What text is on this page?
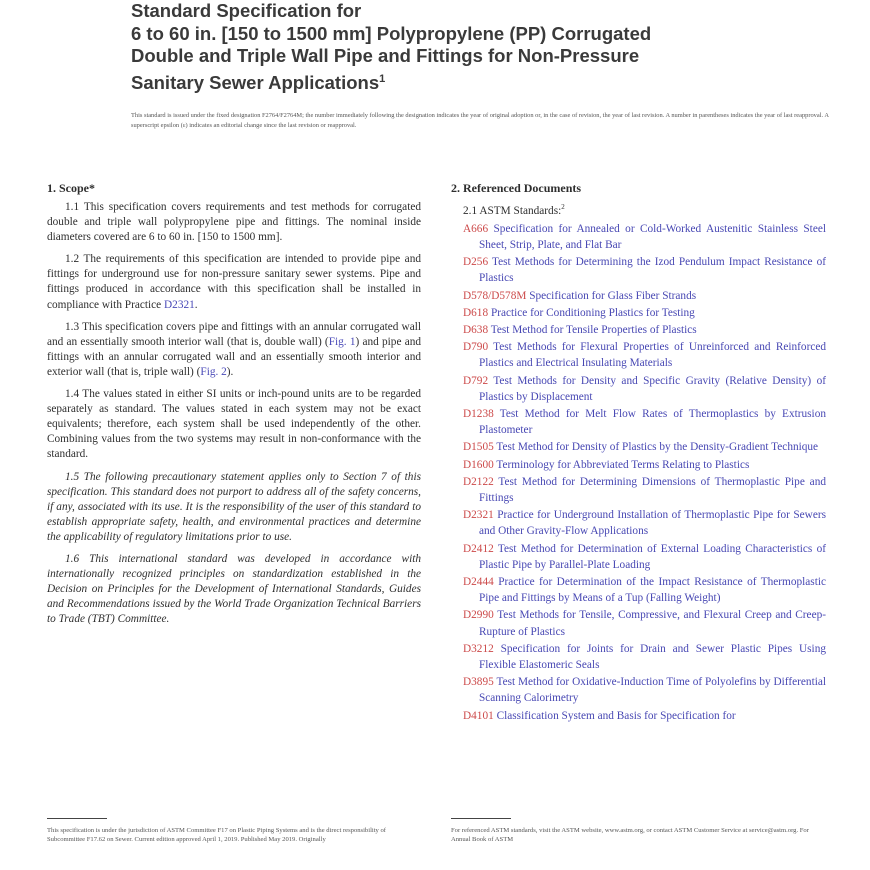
Standard Specification for
6 to 60 in. [150 to 1500 mm] Polypropylene (PP) Corrugated
Double and Triple Wall Pipe and Fittings for Non-Pressure
Sanitary Sewer Applications$^1$
This standard is issued under the fixed designation F2764/F2764M; the number immediately following the designation indicates the year of original adoption or, in the case of revision, the year of last revision. A number in parentheses indicates the year of last reapproval. A superscript epsilon (ε) indicates an editorial change since the last revision or reapproval.
1. Scope*

1.1 This specification covers requirements and test methods for corrugated double and triple wall polypropylene pipe and fittings. The nominal inside diameters covered are 6 to 60 in. [150 to 1500 mm].

1.2 The requirements of this specification are intended to provide pipe and fittings for underground use for non-pressure sanitary sewer systems. Pipe and fittings produced in accordance with this specification shall be installed in compliance with Practice D2321.

1.3 This specification covers pipe and fittings with an annular corrugated wall and an essentially smooth interior wall (that is, double wall) (Fig. 1) and pipe and fittings with an annular corrugated wall and an essentially smooth interior and exterior wall (that is, triple wall) (Fig. 2).

1.4 The values stated in either SI units or inch-pound units are to be regarded separately as standard. The values stated in each system may not be exact equivalents; therefore, each system shall be used independently of the other. Combining values from the two systems may result in non-conformance with the standard.

1.5 The following precautionary statement applies only to Section 7 of this specification. This standard does not purport to address all of the safety concerns, if any, associated with its use. It is the responsibility of the user of this standard to establish appropriate safety, health, and environmental practices and determine the applicability of regulatory limitations prior to use.

1.6 This international standard was developed in accordance with internationally recognized principles on standardization established in the Decision on Principles for the Development of International Standards, Guides and Recommendations issued by the World Trade Organization Technical Barriers to Trade (TBT) Committee.

2. Referenced Documents
2.1 ASTM Standards:$^2$
A666 Specification for Annealed or Cold-Worked Austenitic Stainless Steel Sheet, Strip, Plate, and Flat Bar
D256 Test Methods for Determining the Izod Pendulum Impact Resistance of Plastics
D578/D578M Specification for Glass Fiber Strands
D618 Practice for Conditioning Plastics for Testing
D638 Test Method for Tensile Properties of Plastics
D790 Test Methods for Flexural Properties of Unreinforced and Reinforced Plastics and Electrical Insulating Materials
D792 Test Methods for Density and Specific Gravity (Relative Density) of Plastics by Displacement
D1238 Test Method for Melt Flow Rates of Thermoplastics by Extrusion Plastometer
D1505 Test Method for Density of Plastics by the Density-Gradient Technique
D1600 Terminology for Abbreviated Terms Relating to Plastics
D2122 Test Method for Determining Dimensions of Thermoplastic Pipe and Fittings
D2321 Practice for Underground Installation of Thermoplastic Pipe for Sewers and Other Gravity-Flow Applications
D2412 Test Method for Determination of External Loading Characteristics of Plastic Pipe by Parallel-Plate Loading
D2444 Practice for Determination of the Impact Resistance of Thermoplastic Pipe and Fittings by Means of a Tup (Falling Weight)
D2990 Test Methods for Tensile, Compressive, and Flexural Creep and Creep-Rupture of Plastics
D3212 Specification for Joints for Drain and Sewer Plastic Pipes Using Flexible Elastomeric Seals
D3895 Test Method for Oxidative-Induction Time of Polyolefins by Differential Scanning Calorimetry
D4101 Classification System and Basis for Specification for
This specification is under the jurisdiction of ASTM Committee F17 on Plastic Piping Systems and is the direct responsibility of Subcommittee F17.62 on Sewer. Current edition approved April 1, 2019. Published May 2019. Originally
For referenced ASTM standards, visit the ASTM website, www.astm.org, or contact ASTM Customer Service at service@astm.org. For Annual Book of ASTM
